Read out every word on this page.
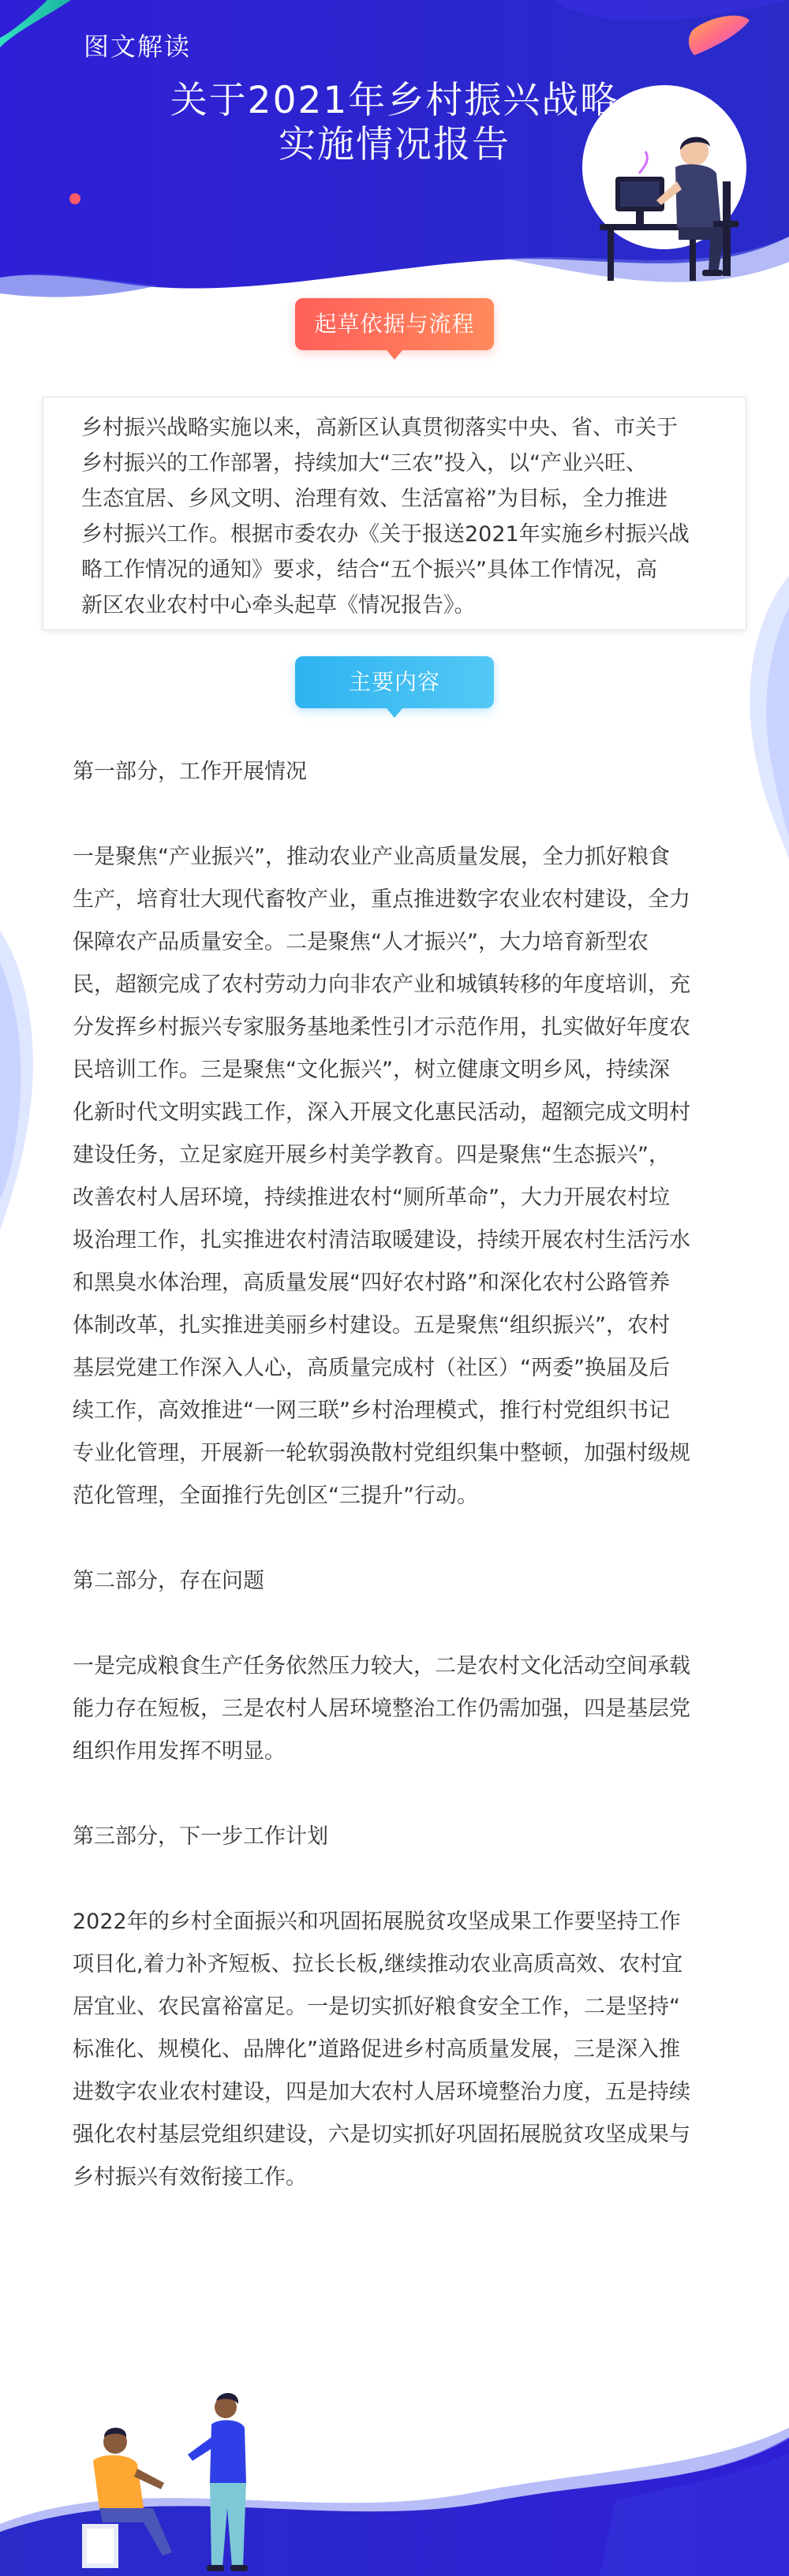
图文解读
关于2021年乡村振兴战略
实施情况报告
起草依据与流程

乡村振兴战略实施以来，高新区认真贯彻落实中央、省、市关于

乡村振兴的工作部署，持续加大“三农”投入，以“产业兴旺、

生态宜居、乡风文明、治理有效、生活富裕”为目标，全力推进

乡村振兴工作。根据市委农办《关于报送2021年实施乡村振兴战

略工作情况的通知》要求，结合“五个振兴”具体工作情况，高

新区农业农村中心牵头起草《情况报告》。

主要内容
第一部分，工作开展情况
一是聚焦“产业振兴”，推动农业产业高质量发展，全力抓好粮食
生产，培育壮大现代畜牧产业，重点推进数字农业农村建设，全力
保障农产品质量安全。二是聚焦“人才振兴”，大力培育新型农
民，超额完成了农村劳动力向非农产业和城镇转移的年度培训，充
分发挥乡村振兴专家服务基地柔性引才示范作用，扎实做好年度农
民培训工作。三是聚焦“文化振兴”，树立健康文明乡风，持续深
化新时代文明实践工作，深入开展文化惠民活动，超额完成文明村
建设任务，立足家庭开展乡村美学教育。四是聚焦“生态振兴”，
改善农村人居环境，持续推进农村“厕所革命”，大力开展农村垃
圾治理工作，扎实推进农村清洁取暖建设，持续开展农村生活污水
和黑臭水体治理，高质量发展“四好农村路”和深化农村公路管养
体制改革，扎实推进美丽乡村建设。五是聚焦“组织振兴”，农村
基层党建工作深入人心，高质量完成村（社区）“两委”换届及后
续工作，高效推进“一网三联”乡村治理模式，推行村党组织书记
专业化管理，开展新一轮软弱涣散村党组织集中整顿，加强村级规
范化管理，全面推行先创区“三提升”行动。
第二部分，存在问题
一是完成粮食生产任务依然压力较大，二是农村文化活动空间承载
能力存在短板，三是农村人居环境整治工作仍需加强，四是基层党
组织作用发挥不明显。
第三部分，下一步工作计划
2022年的乡村全面振兴和巩固拓展脱贫攻坚成果工作要坚持工作
项目化,着力补齐短板、拉长长板,继续推动农业高质高效、农村宜
居宜业、农民富裕富足。一是切实抓好粮食安全工作，二是坚持“
标准化、规模化、品牌化”道路促进乡村高质量发展，三是深入推
进数字农业农村建设，四是加大农村人居环境整治力度，五是持续
强化农村基层党组织建设，六是切实抓好巩固拓展脱贫攻坚成果与
乡村振兴有效衔接工作。
